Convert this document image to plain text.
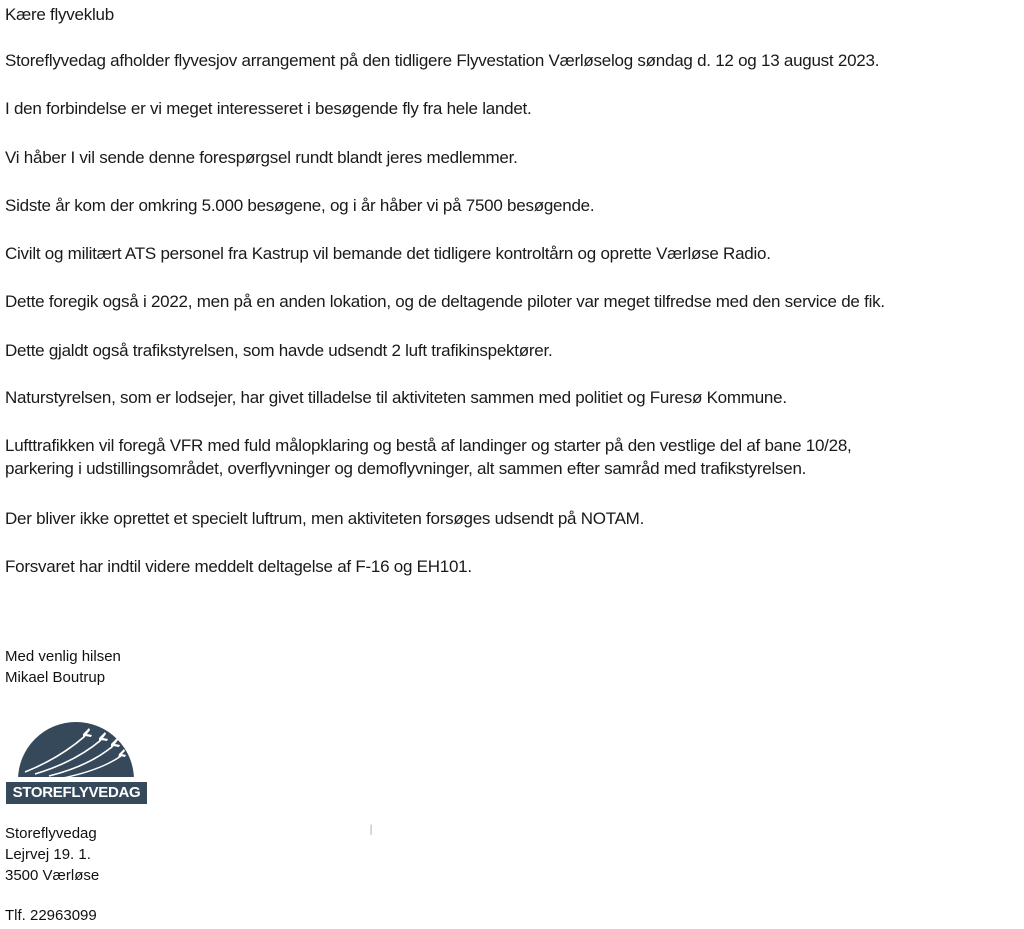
Kære flyveklub

Storeflyvedag afholder flyvesjov arrangement på den tidligere Flyvestation Værløselog søndag d. 12 og 13 august 2023.

I den forbindelse er vi meget interesseret i besøgende fly fra hele landet.

Vi håber I vil sende denne forespørgsel rundt blandt jeres medlemmer.

Sidste år kom der omkring 5.000 besøgene, og i år håber vi på 7500 besøgende.

Civilt og militært ATS personel fra Kastrup vil bemande det tidligere kontroltårn og oprette Værløse Radio.

Dette foregik også i 2022, men på en anden lokation, og de deltagende piloter var meget tilfredse med den service de fik.

Dette gjaldt også trafikstyrelsen, som havde udsendt 2 luft trafikinspektører.

Naturstyrelsen, som er lodsejer, har givet tilladelse til aktiviteten sammen med politiet og Furesø Kommune.

Lufttrafikken vil foregå VFR med fuld målopklaring og bestå af landinger og starter på den vestlige del af bane 10/28,

parkering i udstillingsområdet, overflyvninger og demoflyvninger, alt sammen efter samråd med trafikstyrelsen.

Der bliver ikke oprettet et specielt luftrum, men aktiviteten forsøges udsendt på NOTAM.

Forsvaret har indtil videre meddelt deltagelse af F-16 og EH101.

Med venlig hilsen
Mikael Boutrup
STOREFLYVEDAG
Storeflyvedag
Lejrvej 19. 1.
3500 Værløse
Tlf. 22963099
I
